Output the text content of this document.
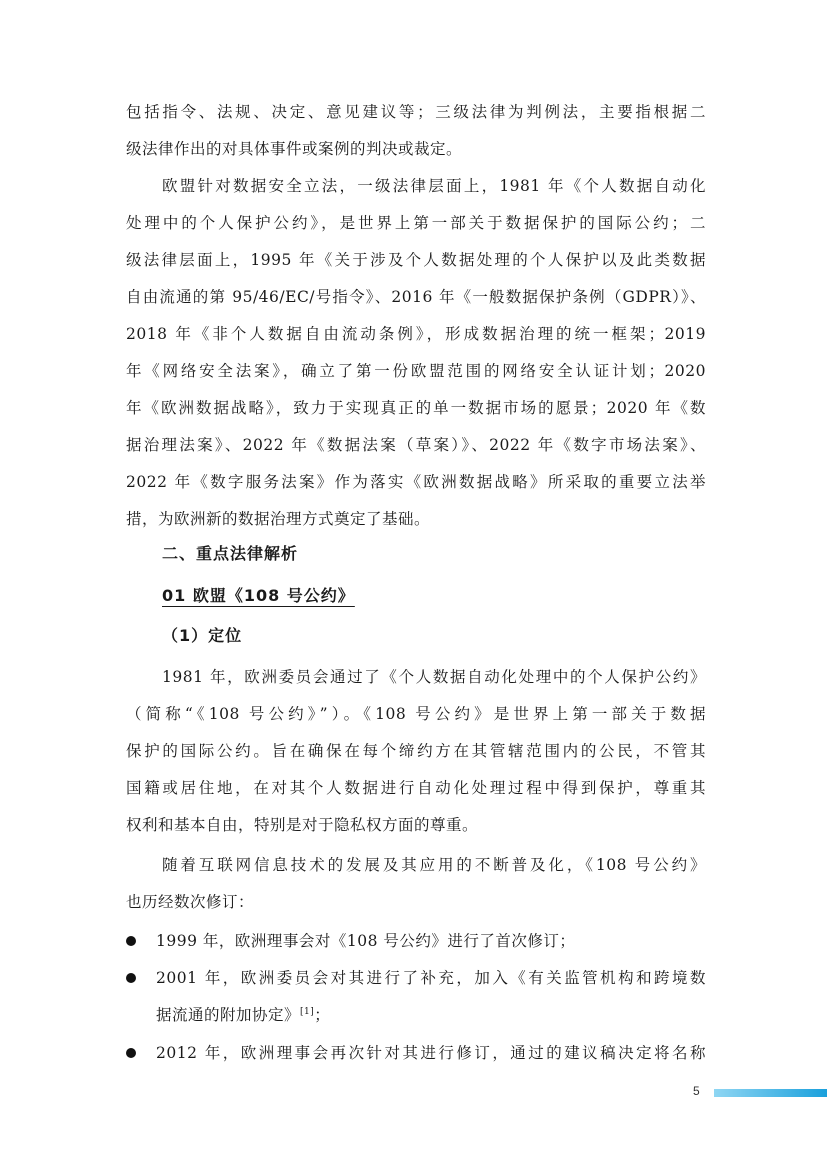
包括指令、法规、决定、意见建议等；三级法律为判例法，主要指根据二
级法律作出的对具体事件或案例的判决或裁定。
欧盟针对数据安全立法，一级法律层面上，1981 年《个人数据自动化
处理中的个人保护公约》，是世界上第一部关于数据保护的国际公约；二
级法律层面上，1995 年《关于涉及个人数据处理的个人保护以及此类数据
自由流通的第 95/46/EC/号指令》、2016 年《一般数据保护条例（GDPR）》、
2018 年《非个人数据自由流动条例》，形成数据治理的统一框架；2019
年《网络安全法案》，确立了第一份欧盟范围的网络安全认证计划；2020
年《欧洲数据战略》，致力于实现真正的单一数据市场的愿景；2020 年《数
据治理法案》、2022 年《数据法案（草案）》、2022 年《数字市场法案》、
2022 年《数字服务法案》作为落实《欧洲数据战略》所采取的重要立法举
措，为欧洲新的数据治理方式奠定了基础。
二、重点法律解析
01 欧盟《108 号公约》
（1）定位
1981 年，欧洲委员会通过了《个人数据自动化处理中的个人保护公约》
（简称“《108 号公约》”）。《108 号公约》是世界上第一部关于数据
保护的国际公约。旨在确保在每个缔约方在其管辖范围内的公民，不管其
国籍或居住地，在对其个人数据进行自动化处理过程中得到保护，尊重其
权利和基本自由，特别是对于隐私权方面的尊重。
随着互联网信息技术的发展及其应用的不断普及化，《108 号公约》
也历经数次修订：
1999 年，欧洲理事会对《108 号公约》进行了首次修订；
2001 年，欧洲委员会对其进行了补充，加入《有关监管机构和跨境数
据流通的附加协定》[1]；
2012 年，欧洲理事会再次针对其进行修订，通过的建议稿决定将名称
5
